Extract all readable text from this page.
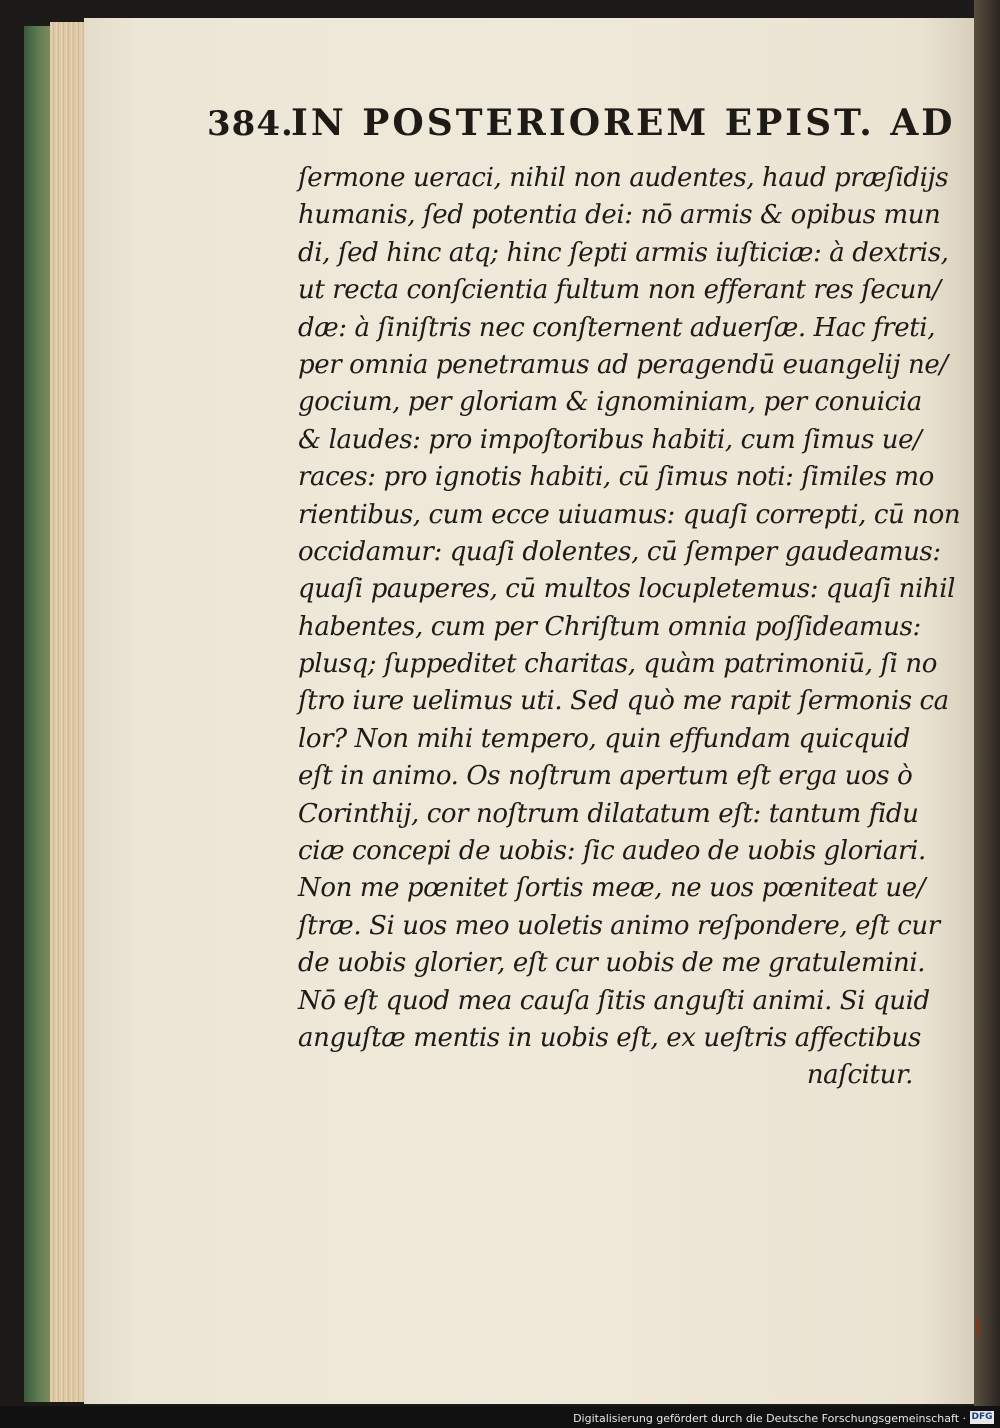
384.
IN POSTERIOREM EPIST. AD
ſermone ueraci, nihil non audentes, haud præſidijs
humanis, ſed potentia dei: nō armis & opibus mun
di, ſed hinc atq; hinc ſepti armis iuſticiæ: à dextris,
ut recta conſcientia fultum non efferant res ſecun/
dæ: à ſiniſtris nec conſternent aduerſæ. Hac freti,
per omnia penetramus ad peragendū euangelij ne/
gocium, per gloriam & ignominiam, per conuicia
& laudes: pro impoſtoribus habiti, cum ſimus ue/
races: pro ignotis habiti, cū ſimus noti: ſimiles mo
rientibus, cum ecce uiuamus: quaſi correpti, cū non
occidamur: quaſi dolentes, cū ſemper gaudeamus:
quaſi pauperes, cū multos locupletemus: quaſi nihil
habentes, cum per Chriſtum omnia poſſideamus:
plusq; ſuppeditet charitas, quàm patrimoniū, ſi no
ſtro iure uelimus uti. Sed quò me rapit ſermonis ca
lor? Non mihi tempero, quin effundam quicquid
eſt in animo. Os noſtrum apertum eſt erga uos ò
Corinthij, cor noſtrum dilatatum eſt: tantum fidu
ciæ concepi de uobis: ſic audeo de uobis gloriari.
Non me pœnitet ſortis meæ, ne uos pœniteat ue/
ſtræ. Si uos meo uoletis animo reſpondere, eſt cur
de uobis glorier, eſt cur uobis de me gratulemini.
Nō eſt quod mea cauſa ſitis anguſti animi. Si quid
anguſtæ mentis in uobis eſt, ex ueſtris affectibus
naſcitur.
Digitalisierung gefördert durch die Deutsche Forschungsgemeinschaft · DFG
